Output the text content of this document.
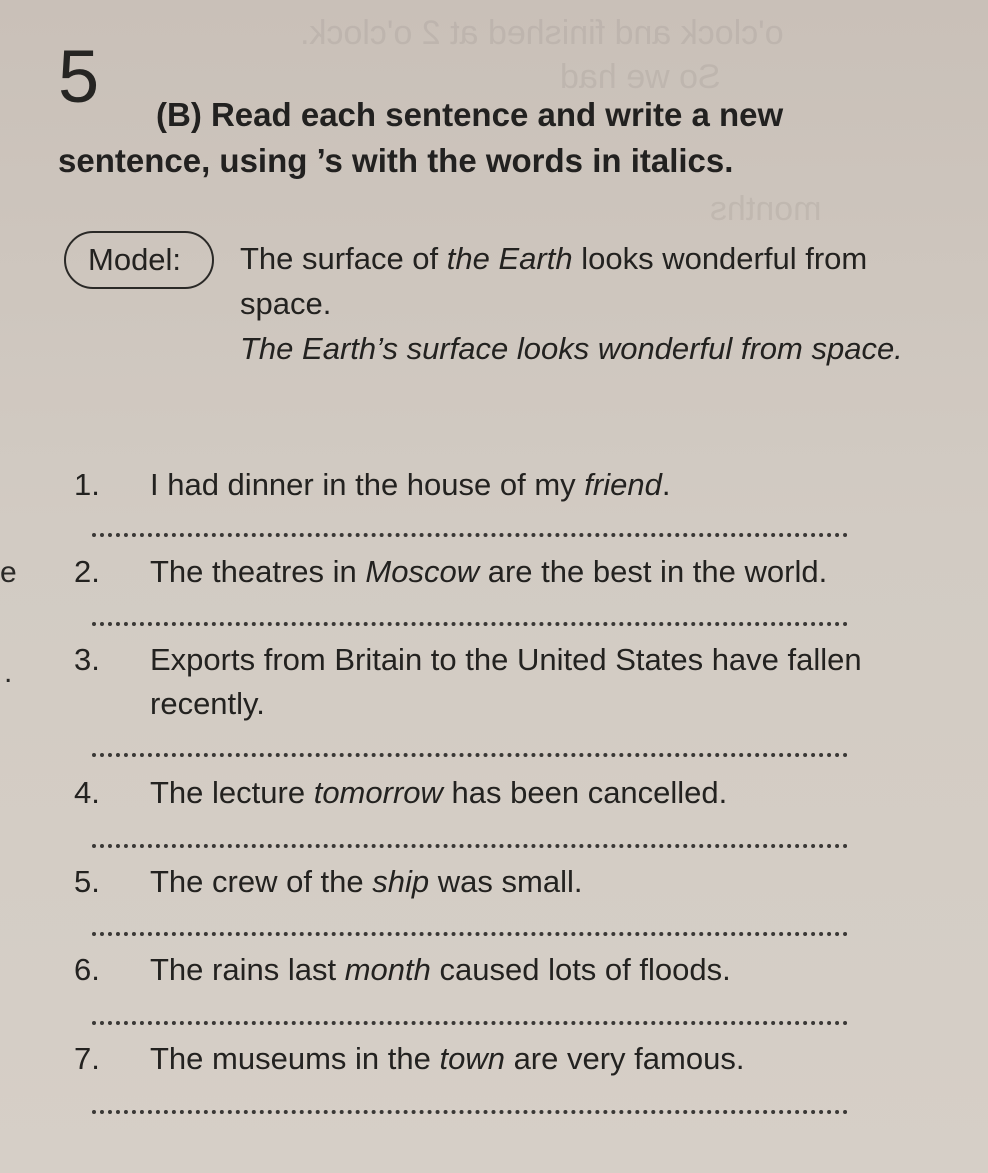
o'clock and finished at 2 o'clock.
So we had
months
5	(B) Read each sentence and write a new
sentence, using ’s with the words in italics.
Model:	The surface of the Earth looks wonderful from space.
The Earth’s surface looks wonderful from space.
e
.
1. I had dinner in the house of my friend.
2. The theatres in Moscow are the best in the world.
3. Exports from Britain to the United States have fallen recently.
4. The lecture tomorrow has been cancelled.
5. The crew of the ship was small.
6. The rains last month caused lots of floods.
7. The museums in the town are very famous.
